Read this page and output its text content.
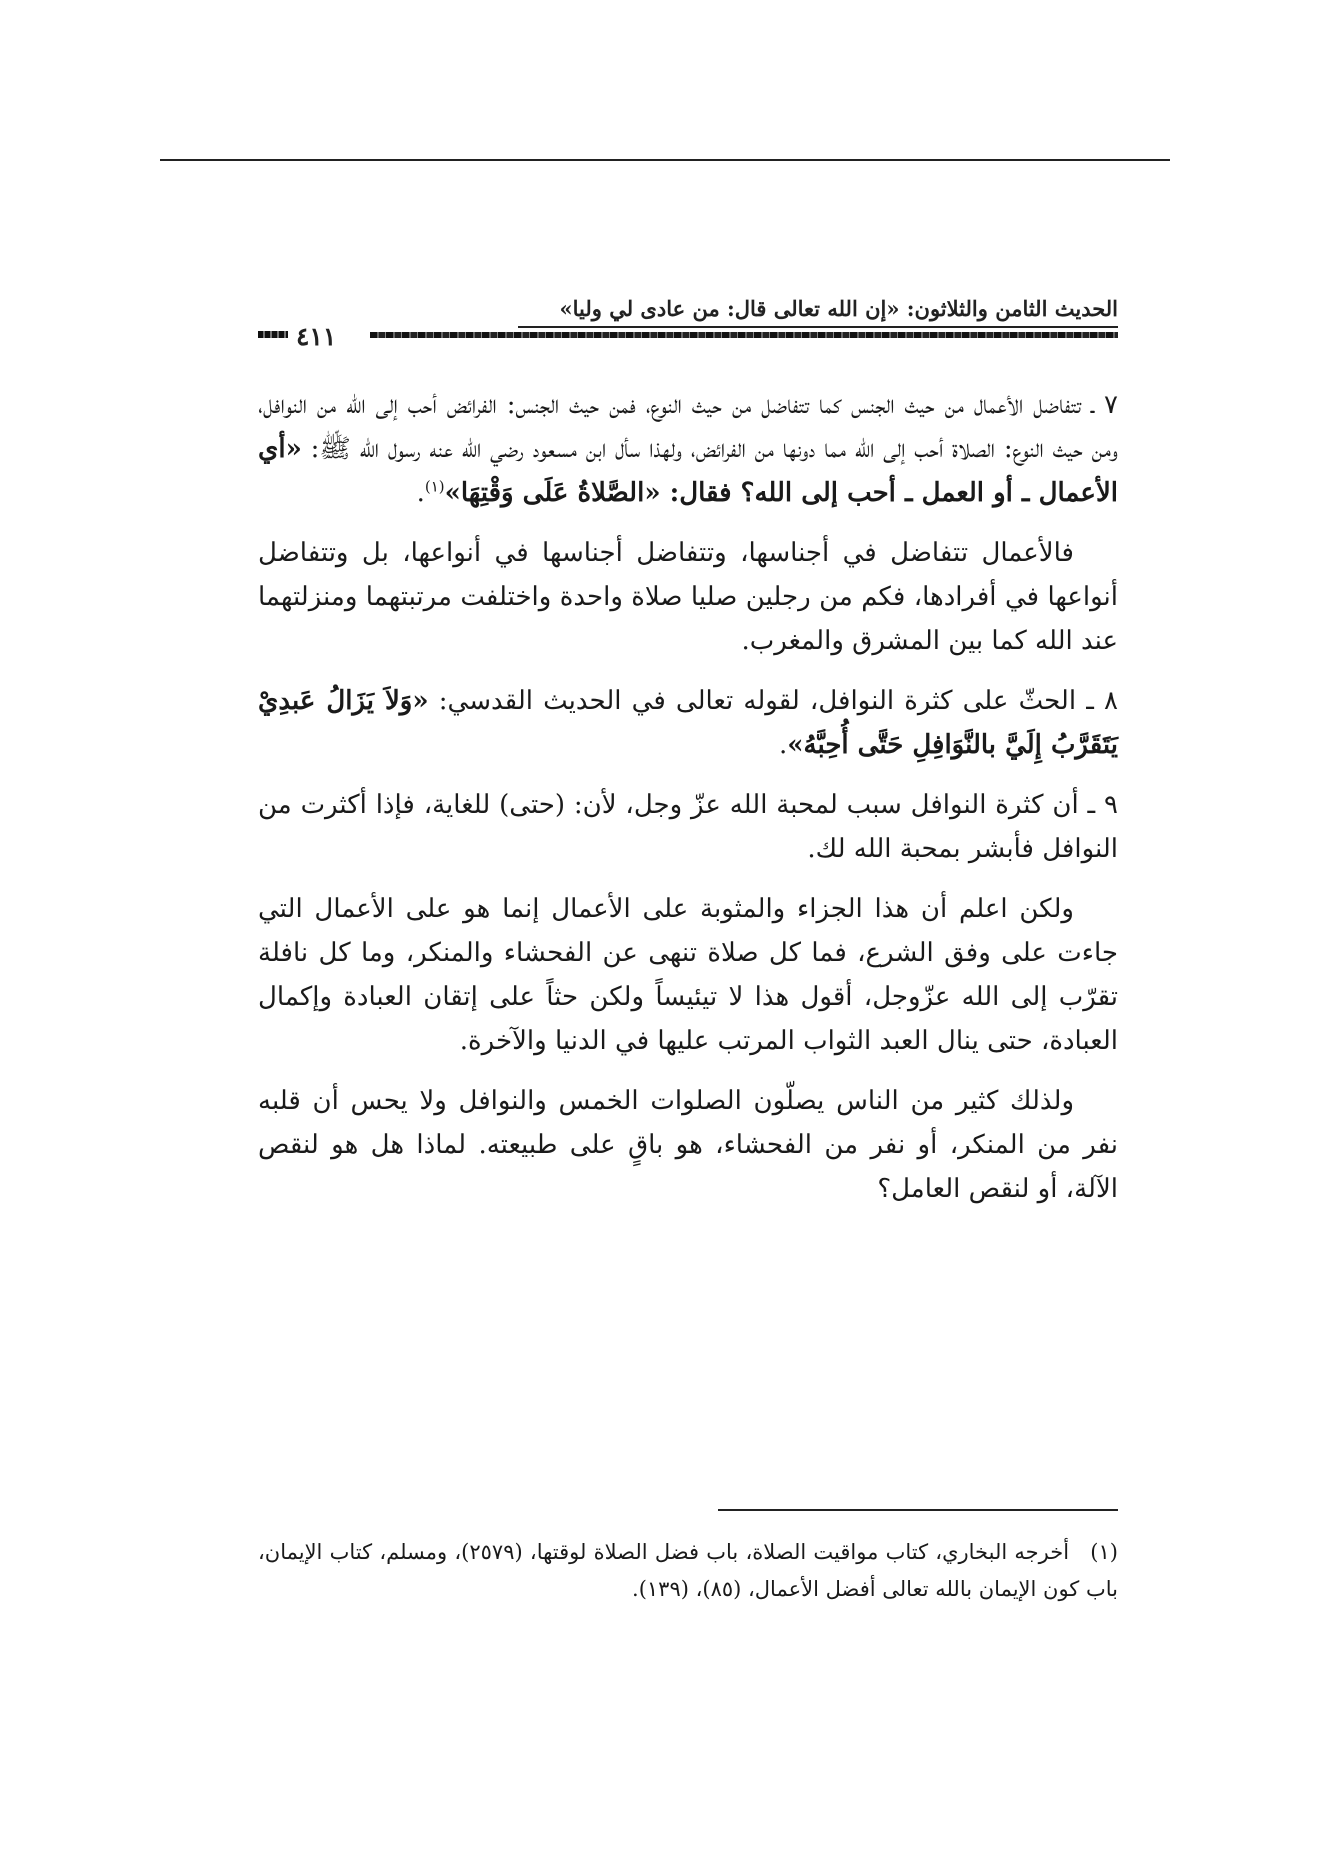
الحديث الثامن والثلاثون: «إن الله تعالى قال: من عادى لي وليا»
٤١١

٧ ـ تتفاضل الأعمال من حيث الجنس كما تتفاضل من حيث النوع، فمن حيث الجنس: الفرائض أحب إلى الله من النوافل، ومن حيث النوع: الصلاة أحب إلى الله مما دونها من الفرائض، ولهذا سأل ابن مسعود رضي الله عنه رسول الله ﷺ: «أي الأعمال ـ أو العمل ـ أحب إلى الله؟ فقال: «الصَّلاةُ عَلَى وَقْتِهَا»$^{(١)}$.

فالأعمال تتفاضل في أجناسها، وتتفاضل أجناسها في أنواعها، بل وتتفاضل أنواعها في أفرادها، فكم من رجلين صليا صلاة واحدة واختلفت مرتبتهما ومنزلتهما عند الله كما بين المشرق والمغرب.

٨ ـ الحثّ على كثرة النوافل، لقوله تعالى في الحديث القدسي: «وَلاَ يَزَالُ عَبدِيْ يَتَقَرَّبُ إِلَيَّ بالنَّوَافِلِ حَتَّى أُحِبَّهُ».

٩ ـ أن كثرة النوافل سبب لمحبة الله عزّ وجل، لأن: (حتى) للغاية، فإذا أكثرت من النوافل فأبشر بمحبة الله لك.

ولكن اعلم أن هذا الجزاء والمثوبة على الأعمال إنما هو على الأعمال التي جاءت على وفق الشرع، فما كل صلاة تنهى عن الفحشاء والمنكر، وما كل نافلة تقرّب إلى الله عزّوجل، أقول هذا لا تيئيساً ولكن حثاً على إتقان العبادة وإكمال العبادة، حتى ينال العبد الثواب المرتب عليها في الدنيا والآخرة.

ولذلك كثير من الناس يصلّون الصلوات الخمس والنوافل ولا يحس أن قلبه نفر من المنكر، أو نفر من الفحشاء، هو باقٍ على طبيعته. لماذا هل هو لنقص الآلة، أو لنقص العامل؟

(١) أخرجه البخاري، كتاب مواقيت الصلاة، باب فضل الصلاة لوقتها، (٢٥٧٩)، ومسلم، كتاب الإيمان، باب كون الإيمان بالله تعالى أفضل الأعمال، (٨٥)، (١٣٩).
